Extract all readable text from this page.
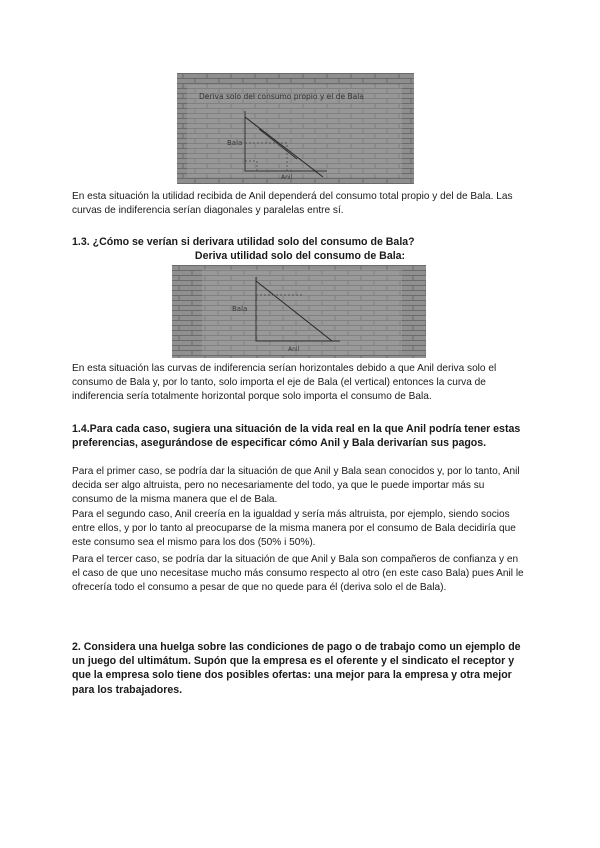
Deriva solo del consumo propio y el de Bala
Bala
Anil

En esta situación la utilidad recibida de Anil dependerá del consumo total propio y del de Bala. Las curvas de indiferencia serían diagonales y paralelas entre sí.

1.3. ¿Cómo se verían si derivara utilidad solo del consumo de Bala?

Deriva utilidad solo del consumo de Bala:

Bala
Anil

En esta situación las curvas de indiferencia serían horizontales debido a que Anil deriva solo el consumo de Bala y, por lo tanto, solo importa el eje de Bala (el vertical) entonces la curva de indiferencia sería totalmente horizontal porque solo importa el consumo de Bala.

1.4.Para cada caso, sugiera una situación de la vida real en la que Anil podría tener estas preferencias, asegurándose de especificar cómo Anil y Bala derivarían sus pagos.

Para el primer caso, se podría dar la situación de que Anil y Bala sean conocidos y, por lo tanto, Anil decida ser algo altruista, pero no necesariamente del todo, ya que le puede importar más su consumo de la misma manera que el de Bala.

Para el segundo caso, Anil creería en la igualdad y sería más altruista, por ejemplo, siendo socios entre ellos, y por lo tanto al preocuparse de la misma manera por el consumo de Bala decidiría que este consumo sea el mismo para los dos (50% i 50%).

Para el tercer caso, se podría dar la situación de que Anil y Bala son compañeros de confianza y en el caso de que uno necesitase mucho más consumo respecto al otro (en este caso Bala) pues Anil le ofrecería todo el consumo a pesar de que no quede para él (deriva solo el de Bala).

2. Considera una huelga sobre las condiciones de pago o de trabajo como un ejemplo de un juego del ultimátum. Supón que la empresa es el oferente y el sindicato el receptor y que la empresa solo tiene dos posibles ofertas: una mejor para la empresa y otra mejor para los trabajadores.
